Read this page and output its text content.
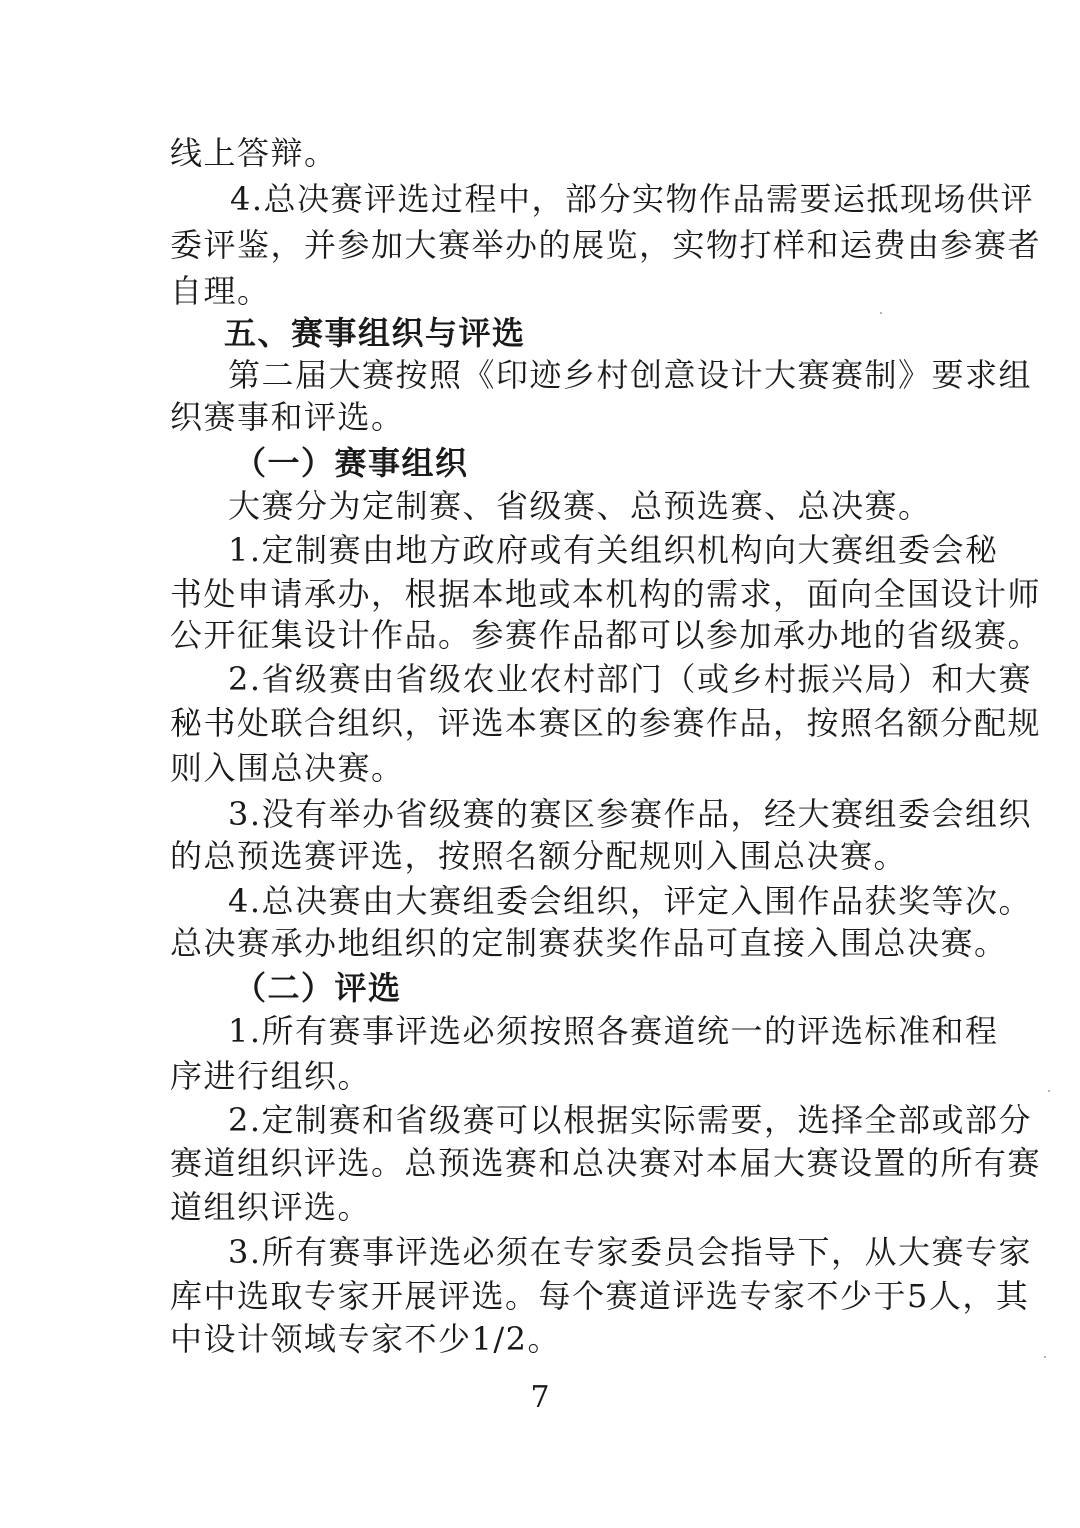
线上答辩。
4.总决赛评选过程中，部分实物作品需要运抵现场供评
委评鉴，并参加大赛举办的展览，实物打样和运费由参赛者
自理。
五、赛事组织与评选
第二届大赛按照《印迹乡村创意设计大赛赛制》要求组
织赛事和评选。
（一）赛事组织
大赛分为定制赛、省级赛、总预选赛、总决赛。
1.定制赛由地方政府或有关组织机构向大赛组委会秘
书处申请承办，根据本地或本机构的需求，面向全国设计师
公开征集设计作品。参赛作品都可以参加承办地的省级赛。
2.省级赛由省级农业农村部门（或乡村振兴局）和大赛
秘书处联合组织，评选本赛区的参赛作品，按照名额分配规
则入围总决赛。
3.没有举办省级赛的赛区参赛作品，经大赛组委会组织
的总预选赛评选，按照名额分配规则入围总决赛。
4.总决赛由大赛组委会组织，评定入围作品获奖等次。
总决赛承办地组织的定制赛获奖作品可直接入围总决赛。
（二）评选
1.所有赛事评选必须按照各赛道统一的评选标准和程
序进行组织。
2.定制赛和省级赛可以根据实际需要，选择全部或部分
赛道组织评选。总预选赛和总决赛对本届大赛设置的所有赛
道组织评选。
3.所有赛事评选必须在专家委员会指导下，从大赛专家
库中选取专家开展评选。每个赛道评选专家不少于5人，其
中设计领域专家不少1/2。
7
